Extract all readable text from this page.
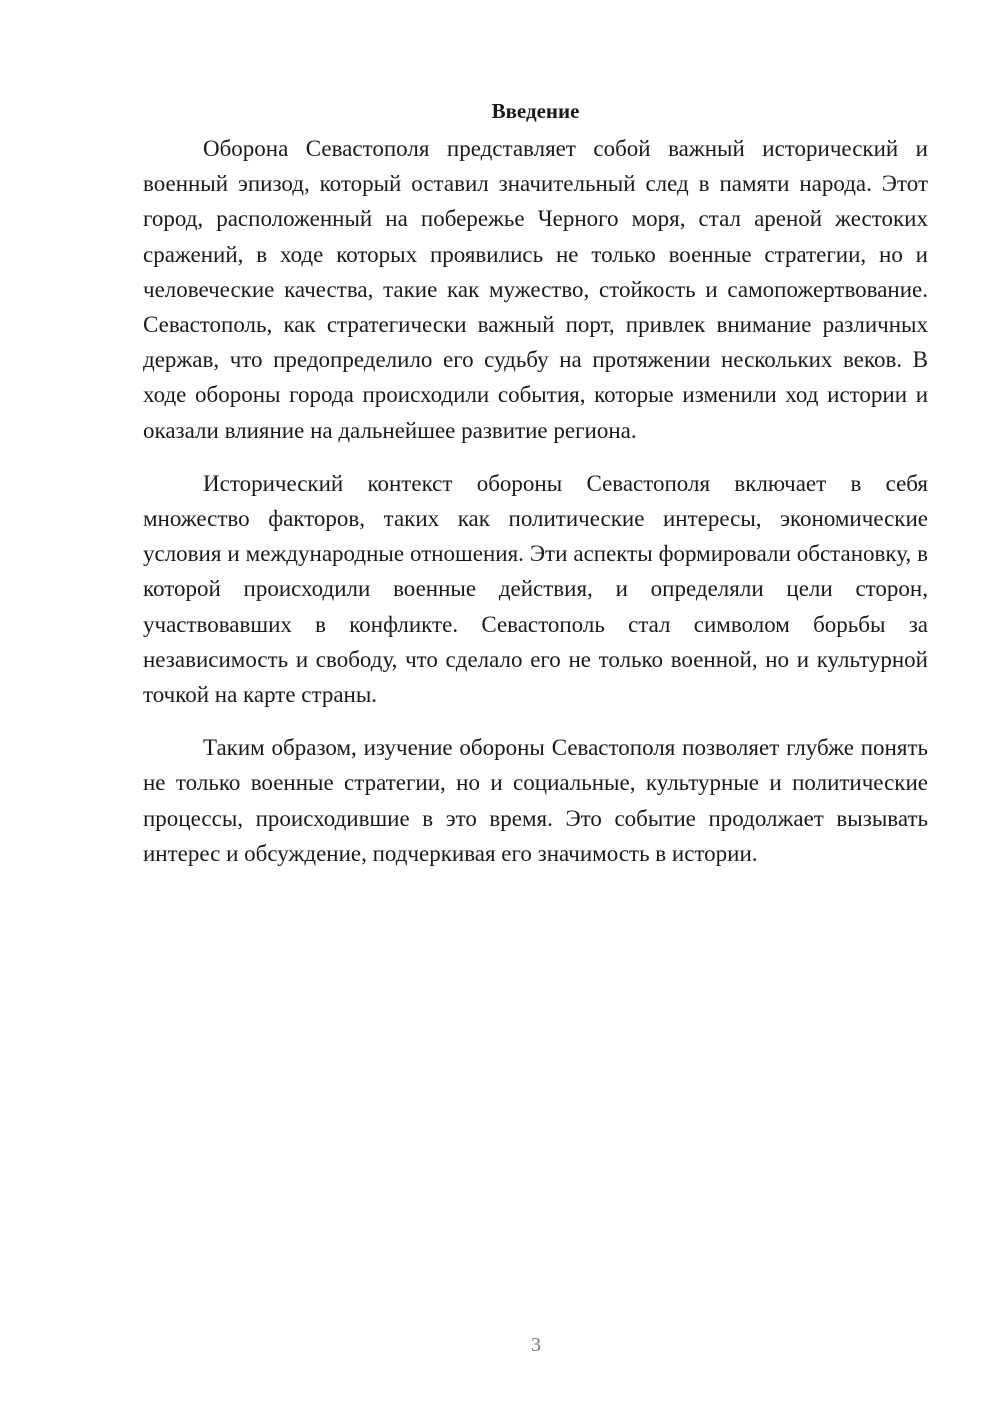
Введение

Оборона Севастополя представляет собой важный исторический и военный эпизод, который оставил значительный след в памяти народа. Этот город, расположенный на побережье Черного моря, стал ареной жестоких сражений, в ходе которых проявились не только военные стратегии, но и человеческие качества, такие как мужество, стойкость и самопожертвование. Севастополь, как стратегически важный порт, привлек внимание различных держав, что предопределило его судьбу на протяжении нескольких веков. В ходе обороны города происходили события, которые изменили ход истории и оказали влияние на дальнейшее развитие региона.

Исторический контекст обороны Севастополя включает в себя множество факторов, таких как политические интересы, экономические условия и международные отношения. Эти аспекты формировали обстановку, в которой происходили военные действия, и определяли цели сторон, участвовавших в конфликте. Севастополь стал символом борьбы за независимость и свободу, что сделало его не только военной, но и культурной точкой на карте страны.

Таким образом, изучение обороны Севастополя позволяет глубже понять не только военные стратегии, но и социальные, культурные и политические процессы, происходившие в это время. Это событие продолжает вызывать интерес и обсуждение, подчеркивая его значимость в истории.

3
